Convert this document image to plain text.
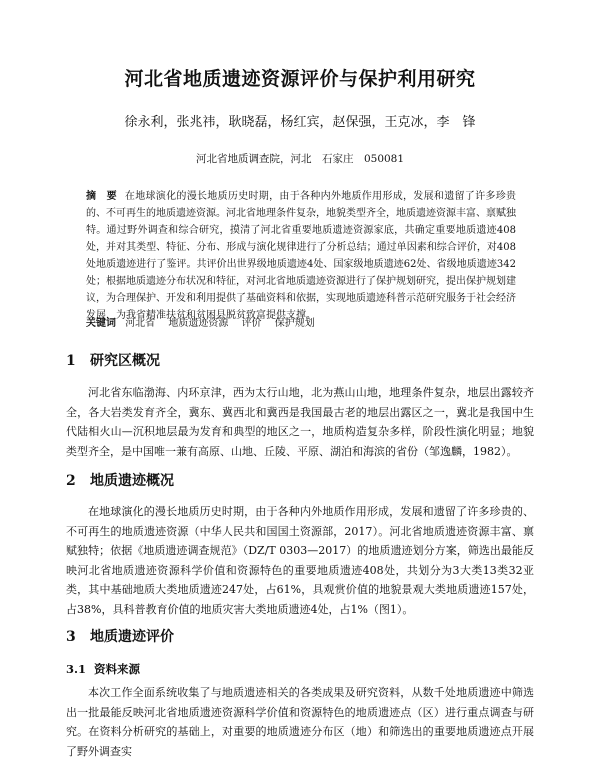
河北省地质遗迹资源评价与保护利用研究
徐永利，张兆祎，耿晓磊，杨红宾，赵保强，王克冰，李　锋
河北省地质调查院，河北　石家庄　050081
摘　要 在地球演化的漫长地质历史时期，由于各种内外地质作用形成，发展和遗留了许多珍贵的、不可再生的地质遗迹资源。河北省地理条件复杂，地貌类型齐全，地质遗迹资源丰富、禀赋独特。通过野外调查和综合研究，摸清了河北省重要地质遗迹资源家底，共确定重要地质遗迹408处，并对其类型、特征、分布、形成与演化规律进行了分析总结；通过单因素和综合评价，对408处地质遗迹进行了鉴评。共评价出世界级地质遗迹4处、国家级地质遗迹62处、省级地质遗迹342处；根据地质遗迹分布状况和特征，对河北省地质遗迹资源进行了保护规划研究，提出保护规划建议，为合理保护、开发和利用提供了基础资料和依据，实现地质遗迹科普示范研究服务于社会经济发展，为我省精准扶贫和贫困县脱贫致富提供支撑。
关键词 河北省 地质遗迹资源 评价 保护规划
1 研究区概况
河北省东临渤海、内环京津，西为太行山地，北为燕山山地，地理条件复杂，地层出露较齐全，各大岩类发育齐全，冀东、冀西北和冀西是我国最古老的地层出露区之一，冀北是我国中生代陆相火山—沉积地层最为发育和典型的地区之一，地质构造复杂多样，阶段性演化明显；地貌类型齐全，是中国唯一兼有高原、山地、丘陵、平原、湖泊和海滨的省份（邹逸麟，1982）。
2 地质遗迹概况
在地球演化的漫长地质历史时期，由于各种内外地质作用形成，发展和遗留了许多珍贵的、不可再生的地质遗迹资源（中华人民共和国国土资源部，2017）。河北省地质遗迹资源丰富、禀赋独特；依据《地质遗迹调查规范》（DZ/T 0303—2017）的地质遗迹划分方案，筛选出最能反映河北省地质遗迹资源科学价值和资源特色的重要地质遗迹408处，共划分为3大类13类32亚类，其中基础地质大类地质遗迹247处，占61%，具观赏价值的地貌景观大类地质遗迹157处，占38%，具科普教育价值的地质灾害大类地质遗迹4处，占1%（图1）。
3 地质遗迹评价
3.1 资料来源
本次工作全面系统收集了与地质遗迹相关的各类成果及研究资料，从数千处地质遗迹中筛选出一批最能反映河北省地质遗迹资源科学价值和资源特色的地质遗迹点（区）进行重点调查与研究。在资料分析研究的基础上，对重要的地质遗迹分布区（地）和筛选出的重要地质遗迹点开展了野外调查实
